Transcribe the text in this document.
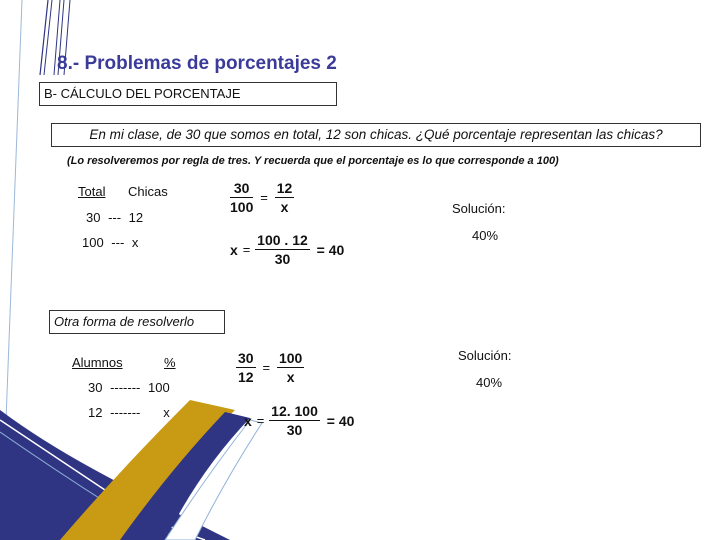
8.- Problemas de porcentajes 2
B- CÁLCULO DEL PORCENTAJE
En mi clase, de 30 que somos en total, 12 son chicas. ¿Qué porcentaje representan las chicas?
(Lo resolveremos por regla de tres. Y recuerda que el porcentaje es lo que corresponde a 100)
Total Chicas
30 --- 12
100 --- x
$\frac{30}{100} = \frac{12}{x}$
$x = \frac{100 . 12}{30} = 40$
Solución:
40%
Otra forma de resolverlo
Alumnos	%
30 ------- 100
12 -------   x
$\frac{30}{12} = \frac{100}{x}$
$x = \frac{12. 100}{30} = 40$
Solución:
40%
